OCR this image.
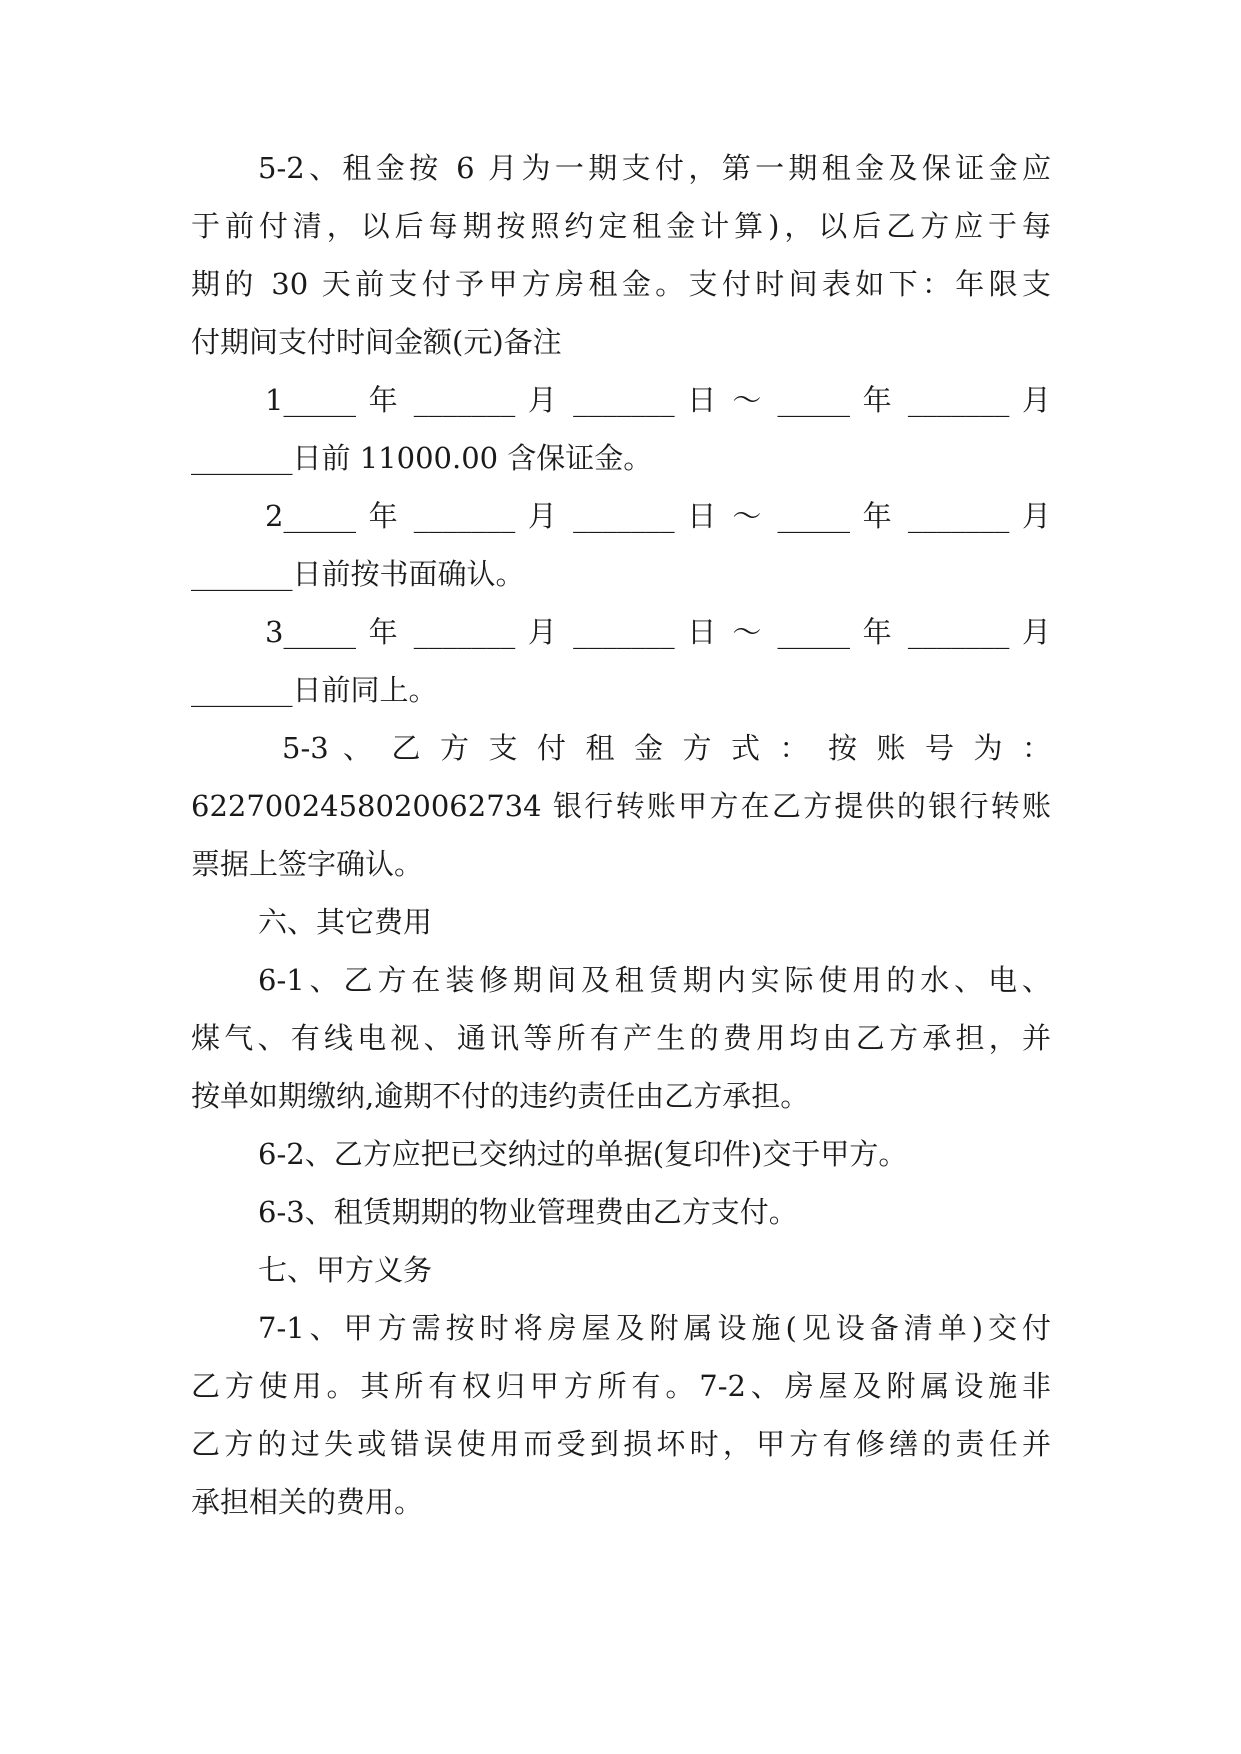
5-2、租金按 6 月为一期支付，第一期租金及保证金应
于前付清，以后每期按照约定租金计算)，以后乙方应于每
期的 30 天前支付予甲方房租金。支付时间表如下：年限支
付期间支付时间金额(元)备注
1_____ 年 _______ 月 _______ 日 ～ _____ 年 _______ 月
_______日前 11000.00 含保证金。
2_____ 年 _______ 月 _______ 日 ～ _____ 年 _______ 月
_______日前按书面确认。
3_____ 年 _______ 月 _______ 日 ～ _____ 年 _______ 月
_______日前同上。
5-3 、 乙 方 支 付 租 金 方 式 ： 按 账 号 为 ：
6227002458020062734 银行转账甲方在乙方提供的银行转账
票据上签字确认。
六、其它费用
6-1、乙方在装修期间及租赁期内实际使用的水、电、
煤气、有线电视、通讯等所有产生的费用均由乙方承担，并
按单如期缴纳,逾期不付的违约责任由乙方承担。
6-2、乙方应把已交纳过的单据(复印件)交于甲方。
6-3、租赁期期的物业管理费由乙方支付。
七、甲方义务
7-1、甲方需按时将房屋及附属设施(见设备清单)交付
乙方使用。其所有权归甲方所有。7-2、房屋及附属设施非
乙方的过失或错误使用而受到损坏时，甲方有修缮的责任并
承担相关的费用。
